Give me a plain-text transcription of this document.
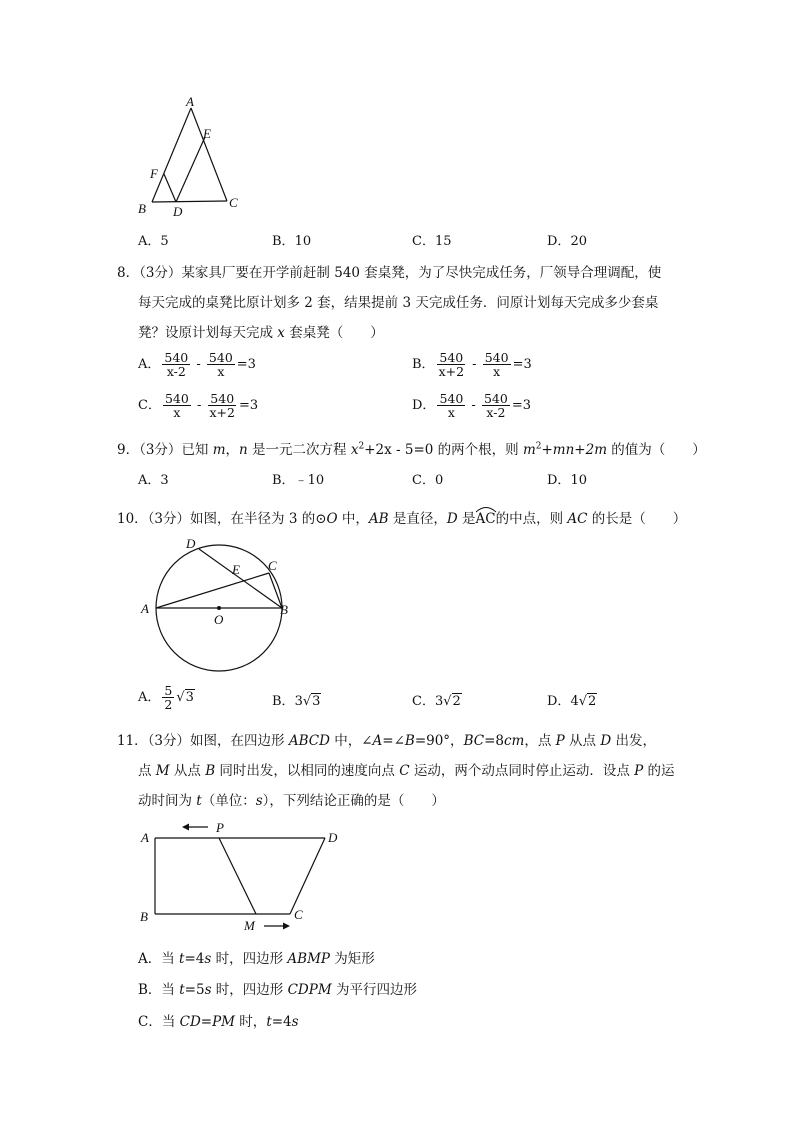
A
E
F
B D
C
A．5	B．10	C．15	D．20
8．（3分）某家具厂要在开学前赶制 540 套桌凳，为了尽快完成任务，厂领导合理调配，使
每天完成的桌凳比原计划多 2 套，结果提前 3 天完成任务．问原计划每天完成多少套桌
凳？设原计划每天完成 x 套桌凳（　　）
A． $\frac{540}{x-2} - \frac{540}{x} =3$	B． $\frac{540}{x+2} - \frac{540}{x} =3$
C． $\frac{540}{x} - \frac{540}{x+2} =3$	D． $\frac{540}{x} - \frac{540}{x-2} =3$
9．（3分）已知 m，n 是一元二次方程 $x^2+2x - 5=0$ 的两个根，则 $m^2+mn+2m$ 的值为（　　）
A．3	B．﹣10	C．0	D．10
10．（3分）如图，在半径为 3 的⊙O 中，AB 是直径，D 是
AC的中点，则 AC 的长是（　　）
A	B
C
D
E
O
A． $\frac{5}{2} √3$	B．3√3	C．3√2	D．4√2
11．（3分）如图，在四边形 ABCD 中，∠A=∠B=90°，BC=8cm，点 P 从点 D 出发，
点 M 从点 B 同时出发，以相同的速度向点 C 运动，两个动点同时停止运动．设点 P 的运
动时间为 t（单位：s），下列结论正确的是（　　）
A
P
D
B
M
C
A．当 t=4s 时，四边形 ABMP 为矩形
B．当 t=5s 时，四边形 CDPM 为平行四边形
C．当 CD=PM 时，t=4s
